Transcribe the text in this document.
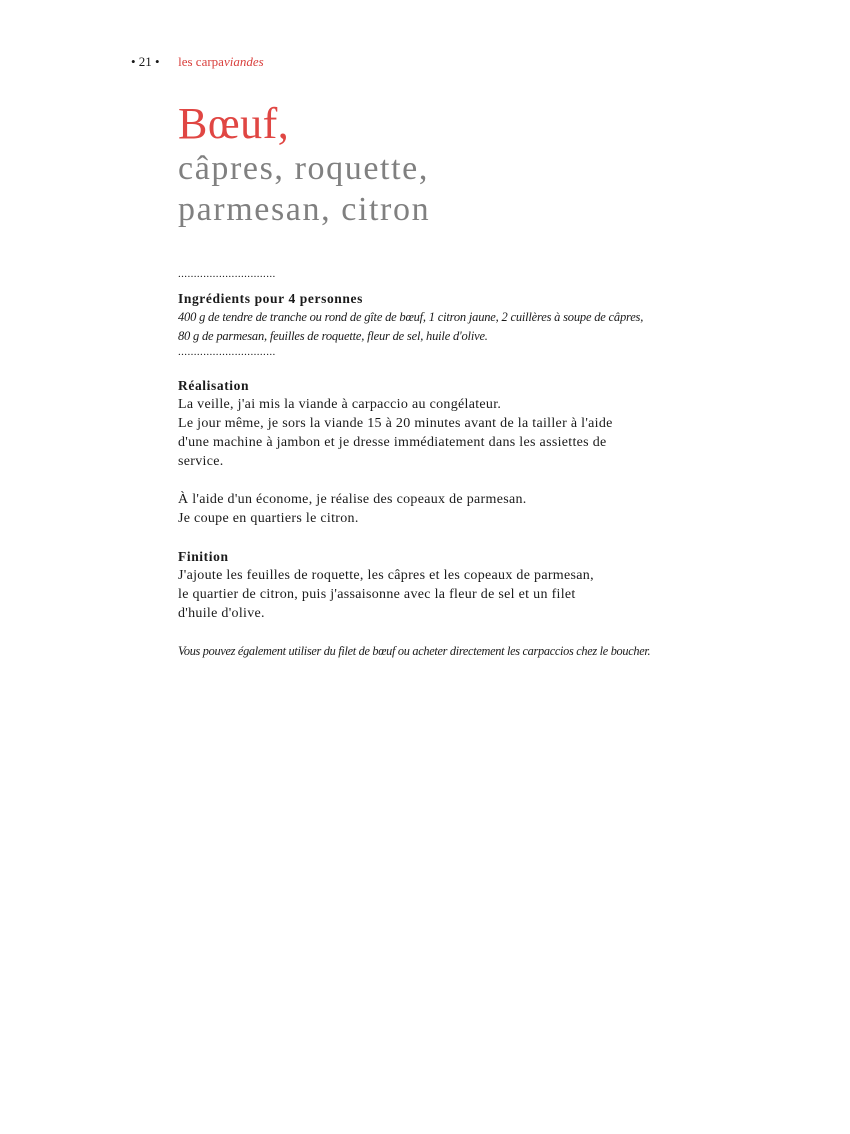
• 21 • les carpaviandes
Bœuf,
câpres, roquette,
parmesan, citron
...............................
Ingrédients pour 4 personnes
400 g de tendre de tranche ou rond de gîte de bœuf, 1 citron jaune, 2 cuillères à soupe de câpres,
80 g de parmesan, feuilles de roquette, fleur de sel, huile d'olive.
...............................
Réalisation
La veille, j'ai mis la viande à carpaccio au congélateur.
Le jour même, je sors la viande 15 à 20 minutes avant de la tailler à l'aide
d'une machine à jambon et je dresse immédiatement dans les assiettes de
service.
À l'aide d'un économe, je réalise des copeaux de parmesan.
Je coupe en quartiers le citron.
Finition
J'ajoute les feuilles de roquette, les câpres et les copeaux de parmesan,
le quartier de citron, puis j'assaisonne avec la fleur de sel et un filet
d'huile d'olive.
Vous pouvez également utiliser du filet de bœuf ou acheter directement les carpaccios chez le boucher.
